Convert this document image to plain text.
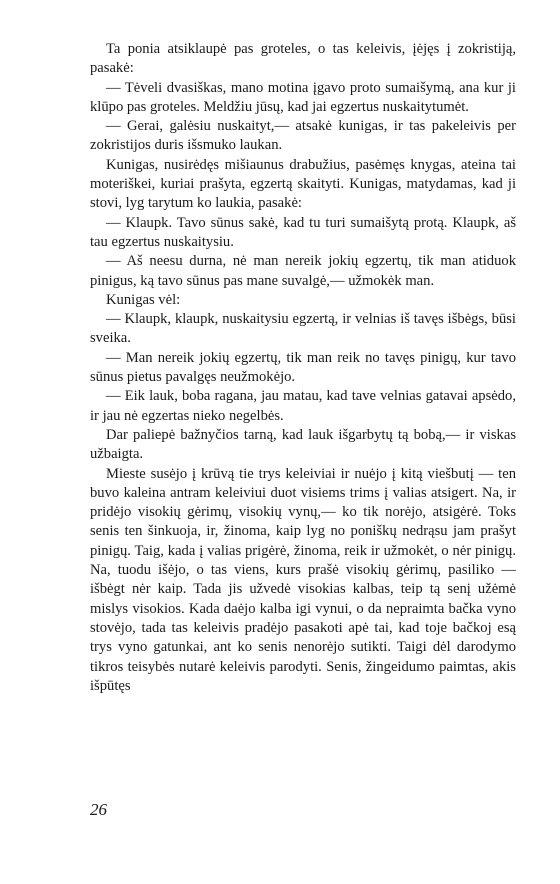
Ta ponia atsiklaupė pas groteles, o tas keleivis, įėjęs į zokristiją, pasakė:

— Tėveli dvasiškas, mano motina įgavo proto sumaišymą, ana kur ji klūpo pas groteles. Meldžiu jūsų, kad jai egzertus nuskaitytumėt.

— Gerai, galėsiu nuskaityt,— atsakė kunigas, ir tas pakeleivis per zokristijos duris išsmuko laukan.

Kunigas, nusirėdęs mišiaunus drabužius, pasėmęs knygas, ateina tai moteriškei, kuriai prašyta, egzertą skaityti. Kunigas, matydamas, kad ji stovi, lyg tarytum ko laukia, pasakė:

— Klaupk. Tavo sūnus sakė, kad tu turi sumaišytą protą. Klaupk, aš tau egzertus nuskaitysiu.

— Aš neesu durna, nė man nereik jokių egzertų, tik man atiduok pinigus, ką tavo sūnus pas mane suvalgė,— užmokėk man.

Kunigas vėl:

— Klaupk, klaupk, nuskaitysiu egzertą, ir velnias iš tavęs išbėgs, būsi sveika.

— Man nereik jokių egzertų, tik man reik no tavęs pinigų, kur tavo sūnus pietus pavalgęs neužmokėjo.

— Eik lauk, boba ragana, jau matau, kad tave velnias gatavai apsėdo, ir jau nė egzertas nieko negelbės.

Dar paliepė bažnyčios tarną, kad lauk išgarbytų tą bobą,— ir viskas užbaigta.

Mieste susėjo į krūvą tie trys keleiviai ir nuėjo į kitą viešbutį — ten buvo kaleina antram keleiviui duot visiems trims į valias atsigert. Na, ir pridėjo visokių gėrimų, visokių vynų,— ko tik norėjo, atsigėrė. Toks senis ten šinkuoja, ir, žinoma, kaip lyg no poniškų nedrąsu jam prašyt pinigų. Taig, kada į valias prigėrė, žinoma, reik ir užmokėt, o nėr pinigų. Na, tuodu išėjo, o tas viens, kurs prašė visokių gėrimų, pasiliko — išbėgt nėr kaip. Tada jis užvedė visokias kalbas, teip tą senį užėmė mislys visokios. Kada daėjo kalba igi vynui, o da nepraimta bačka vyno stovėjo, tada tas keleivis pradėjo pasakoti apė tai, kad toje bačkoj esą trys vyno gatunkai, ant ko senis nenorėjo sutikti. Taigi dėl darodymo tikros teisybės nutarė keleivis parodyti. Senis, žingeidumo paimtas, akis išpūtęs

26
